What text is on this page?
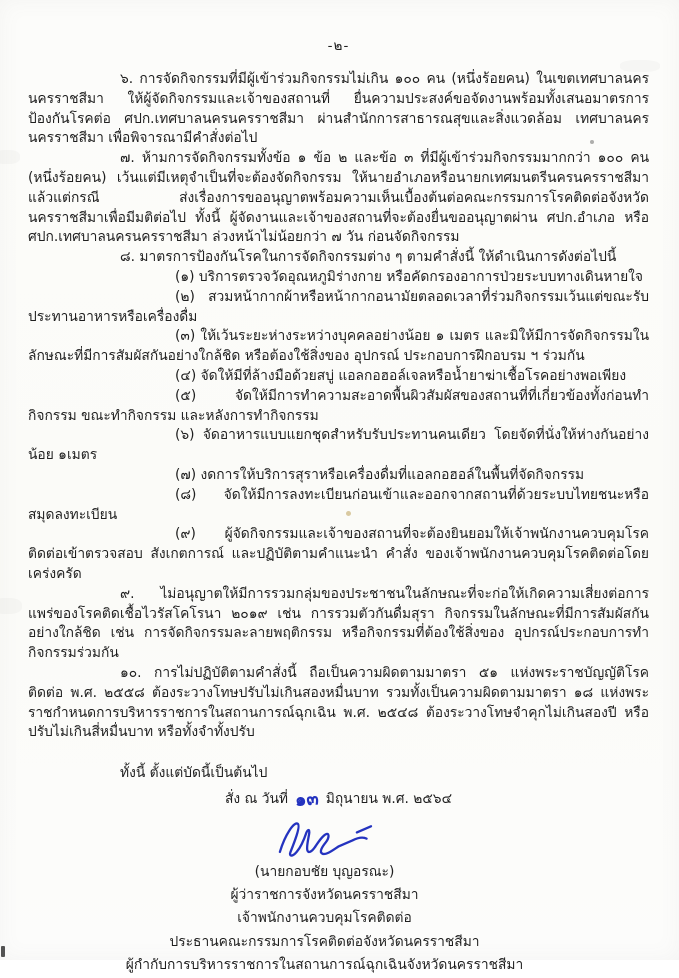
-๒-

๖. การจัดกิจกรรมที่มีผู้เข้าร่วมกิจกรรมไม่เกิน ๑๐๐ คน (หนึ่งร้อยคน) ในเขตเทศบาลนครนครราชสีมา ให้ผู้จัดกิจกรรมและเจ้าของสถานที่ ยื่นความประสงค์ขอจัดงานพร้อมทั้งเสนอมาตรการป้องกันโรคต่อ ศปก.เทศบาลนครนครราชสีมา ผ่านสำนักการสาธารณสุขและสิ่งแวดล้อม เทศบาลนครนครราชสีมา เพื่อพิจารณามีคำสั่งต่อไป

๗. ห้ามการจัดกิจกรรมทั้งข้อ ๑ ข้อ ๒ และข้อ ๓ ที่มีผู้เข้าร่วมกิจกรรมมากกว่า ๑๐๐ คน (หนึ่งร้อยคน) เว้นแต่มีเหตุจำเป็นที่จะต้องจัดกิจกรรม ให้นายอำเภอหรือนายกเทศมนตรีนครนครราชสีมาแล้วแต่กรณี ส่งเรื่องการขออนุญาตพร้อมความเห็นเบื้องต้นต่อคณะกรรมการโรคติดต่อจังหวัดนครราชสีมาเพื่อมีมติต่อไป ทั้งนี้ ผู้จัดงานและเจ้าของสถานที่จะต้องยื่นขออนุญาตผ่าน ศปก.อำเภอ หรือ ศปก.เทศบาลนครนครราชสีมา ล่วงหน้าไม่น้อยกว่า ๗ วัน ก่อนจัดกิจกรรม

๘. มาตรการป้องกันโรคในการจัดกิจกรรมต่าง ๆ ตามคำสั่งนี้ ให้ดำเนินการดังต่อไปนี้

(๑) บริการตรวจวัดอุณหภูมิร่างกาย หรือคัดกรองอาการป่วยระบบทางเดินหายใจ

(๒) สวมหน้ากากผ้าหรือหน้ากากอนามัยตลอดเวลาที่ร่วมกิจกรรมเว้นแต่ขณะรับประทานอาหารหรือเครื่องดื่ม

(๓) ให้เว้นระยะห่างระหว่างบุคคลอย่างน้อย ๑ เมตร และมิให้มีการจัดกิจกรรมในลักษณะที่มีการสัมผัสกันอย่างใกล้ชิด หรือต้องใช้สิ่งของ อุปกรณ์ ประกอบการฝึกอบรม ฯ ร่วมกัน

(๔) จัดให้มีที่ล้างมือด้วยสบู่ แอลกอฮอล์เจลหรือน้ำยาฆ่าเชื้อโรคอย่างพอเพียง

(๕) จัดให้มีการทำความสะอาดพื้นผิวสัมผัสของสถานที่ที่เกี่ยวข้องทั้งก่อนทำกิจกรรม ขณะทำกิจกรรม และหลังการทำกิจกรรม

(๖) จัดอาหารแบบแยกชุดสำหรับรับประทานคนเดียว โดยจัดที่นั่งให้ห่างกันอย่างน้อย ๑เมตร

(๗) งดการให้บริการสุราหรือเครื่องดื่มที่แอลกอฮอล์ในพื้นที่จัดกิจกรรม

(๘) จัดให้มีการลงทะเบียนก่อนเข้าและออกจากสถานที่ด้วยระบบไทยชนะหรือสมุดลงทะเบียน

(๙) ผู้จัดกิจกรรมและเจ้าของสถานที่จะต้องยินยอมให้เจ้าพนักงานควบคุมโรคติดต่อเข้าตรวจสอบ สังเกตการณ์ และปฏิบัติตามคำแนะนำ คำสั่ง ของเจ้าพนักงานควบคุมโรคติดต่อโดยเคร่งครัด

๙. ไม่อนุญาตให้มีการรวมกลุ่มของประชาชนในลักษณะที่จะก่อให้เกิดความเสี่ยงต่อการแพร่ของโรคติดเชื้อไวรัสโคโรนา ๒๐๑๙ เช่น การรวมตัวกันดื่มสุรา กิจกรรมในลักษณะที่มีการสัมผัสกันอย่างใกล้ชิด เช่น การจัดกิจกรรมละลายพฤติกรรม หรือกิจกรรมที่ต้องใช้สิ่งของ อุปกรณ์ประกอบการทำกิจกรรมร่วมกัน

๑๐. การไม่ปฏิบัติตามคำสั่งนี้ ถือเป็นความผิดตามมาตรา ๕๑ แห่งพระราชบัญญัติโรคติดต่อ พ.ศ. ๒๕๕๘ ต้องระวางโทษปรับไม่เกินสองหมื่นบาท รวมทั้งเป็นความผิดตามมาตรา ๑๘ แห่งพระราชกำหนดการบริหารราชการในสถานการณ์ฉุกเฉิน พ.ศ. ๒๕๔๘ ต้องระวางโทษจำคุกไม่เกินสองปี หรือปรับไม่เกินสี่หมื่นบาท หรือทั้งจำทั้งปรับ

ทั้งนี้ ตั้งแต่บัดนี้เป็นต้นไป

สั่ง ณ วันที่ ๑๓ มิถุนายน พ.ศ. ๒๕๖๔
(นายกอบชัย บุญอรณะ)
ผู้ว่าราชการจังหวัดนครราชสีมา
เจ้าพนักงานควบคุมโรคติดต่อ
ประธานคณะกรรมการโรคติดต่อจังหวัดนครราชสีมา
ผู้กำกับการบริหารราชการในสถานการณ์ฉุกเฉินจังหวัดนครราชสีมา
